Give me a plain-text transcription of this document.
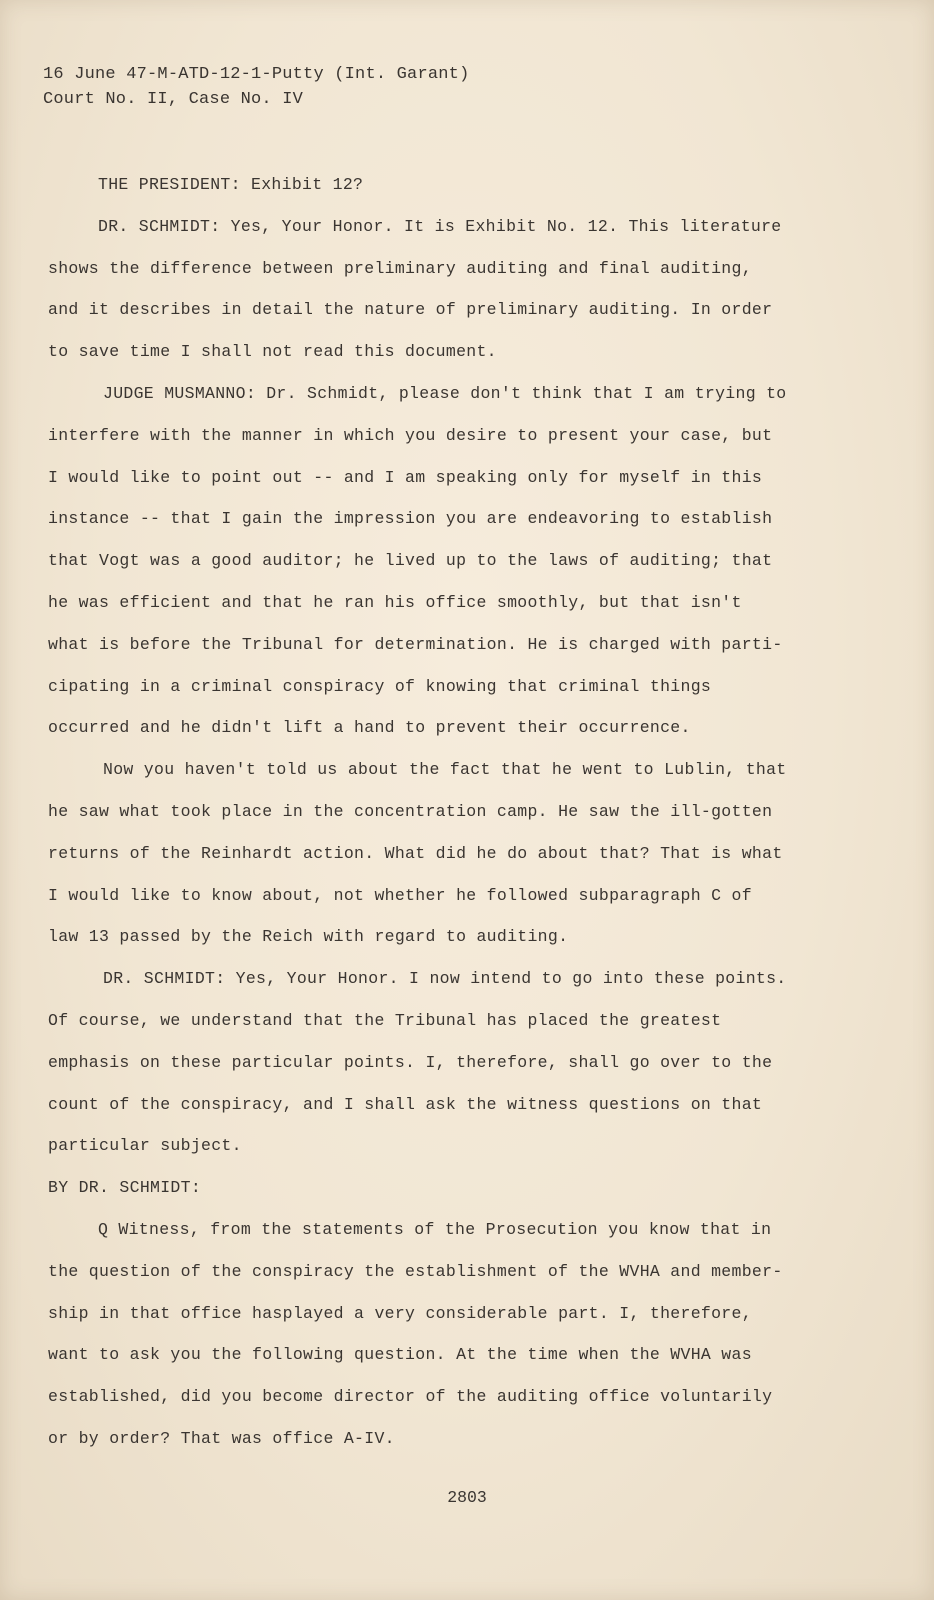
16 June 47-M-ATD-12-1-Putty (Int. Garant)
Court No. II, Case No. IV
THE PRESIDENT: Exhibit 12?
DR. SCHMIDT: Yes, Your Honor. It is Exhibit No. 12. This literature
shows the difference between preliminary auditing and final auditing,
and it describes in detail the nature of preliminary auditing. In order
to save time I shall not read this document.
JUDGE MUSMANNO: Dr. Schmidt, please don't think that I am trying to
interfere with the manner in which you desire to present your case, but
I would like to point out -- and I am speaking only for myself in this
instance -- that I gain the impression you are endeavoring to establish
that Vogt was a good auditor; he lived up to the laws of auditing; that
he was efficient and that he ran his office smoothly, but that isn't
what is before the Tribunal for determination. He is charged with parti-
cipating in a criminal conspiracy of knowing that criminal things
occurred and he didn't lift a hand to prevent their occurrence.
Now you haven't told us about the fact that he went to Lublin, that
he saw what took place in the concentration camp. He saw the ill-gotten
returns of the Reinhardt action. What did he do about that? That is what
I would like to know about, not whether he followed subparagraph C of
law 13 passed by the Reich with regard to auditing.
DR. SCHMIDT: Yes, Your Honor. I now intend to go into these points.
Of course, we understand that the Tribunal has placed the greatest
emphasis on these particular points. I, therefore, shall go over to the
count of the conspiracy, and I shall ask the witness questions on that
particular subject.
BY DR. SCHMIDT:
Q Witness, from the statements of the Prosecution you know that in
the question of the conspiracy the establishment of the WVHA and member-
ship in that office hasplayed a very considerable part. I, therefore,
want to ask you the following question. At the time when the WVHA was
established, did you become director of the auditing office voluntarily
or by order? That was office A-IV.
2803
